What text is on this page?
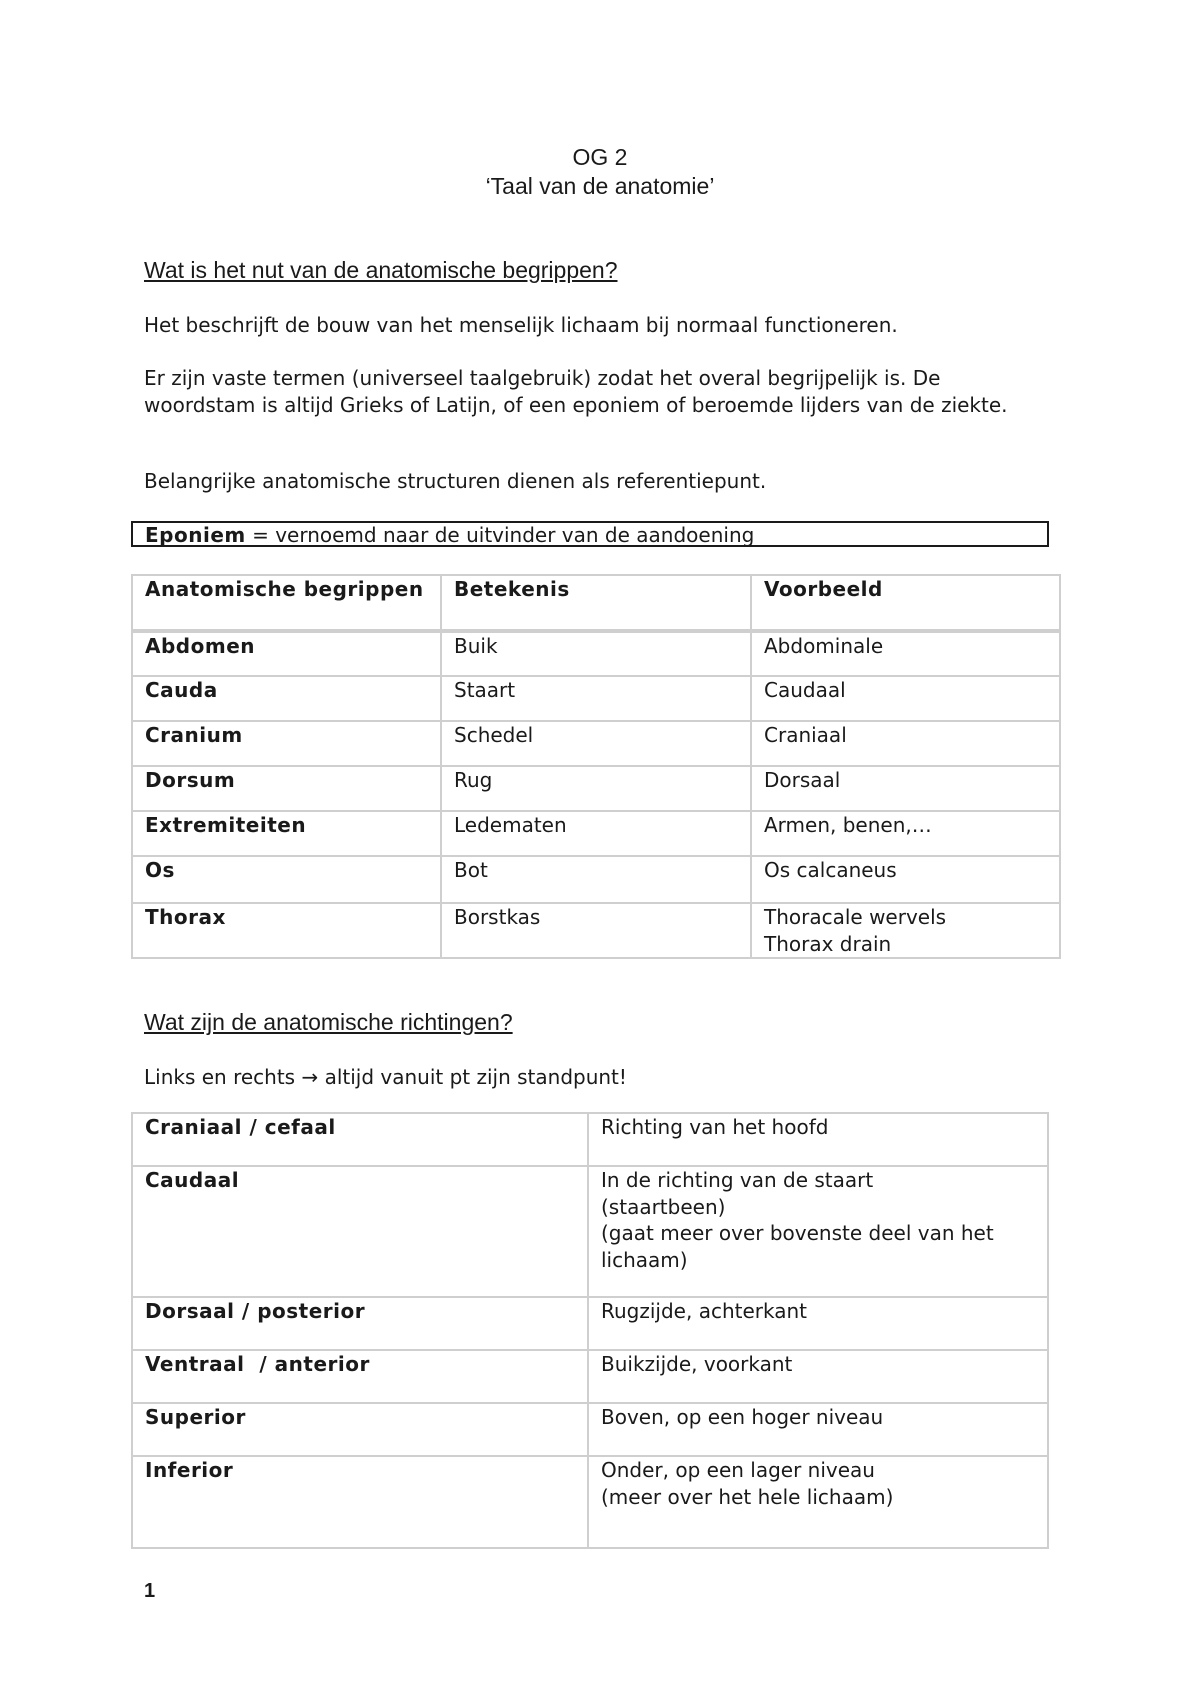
OG 2
‘Taal van de anatomie’
Wat is het nut van de anatomische begrippen?
Het beschrijft de bouw van het menselijk lichaam bij normaal functioneren.
Er zijn vaste termen (universeel taalgebruik) zodat het overal begrijpelijk is. De woordstam is altijd Grieks of Latijn, of een eponiem of beroemde lijders van de ziekte.
Belangrijke anatomische structuren dienen als referentiepunt.
Eponiem = vernoemd naar de uitvinder van de aandoening
Anatomische begrippen	Betekenis	Voorbeeld
Abdomen	Buik	Abdominale
Cauda	Staart	Caudaal
Cranium	Schedel	Craniaal
Dorsum	Rug	Dorsaal
Extremiteiten	Ledematen	Armen, benen,…
Os	Bot	Os calcaneus
Thorax	Borstkas	Thoracale wervels
Thorax drain
Wat zijn de anatomische richtingen?
Links en rechts → altijd vanuit pt zijn standpunt!
Craniaal / cefaal	Richting van het hoofd
Caudaal	In de richting van de staart
(staartbeen)
(gaat meer over bovenste deel van het lichaam)
Dorsaal / posterior	Rugzijde, achterkant
Ventraal  / anterior	Buikzijde, voorkant
Superior	Boven, op een hoger niveau
Inferior	Onder, op een lager niveau
(meer over het hele lichaam)
1
